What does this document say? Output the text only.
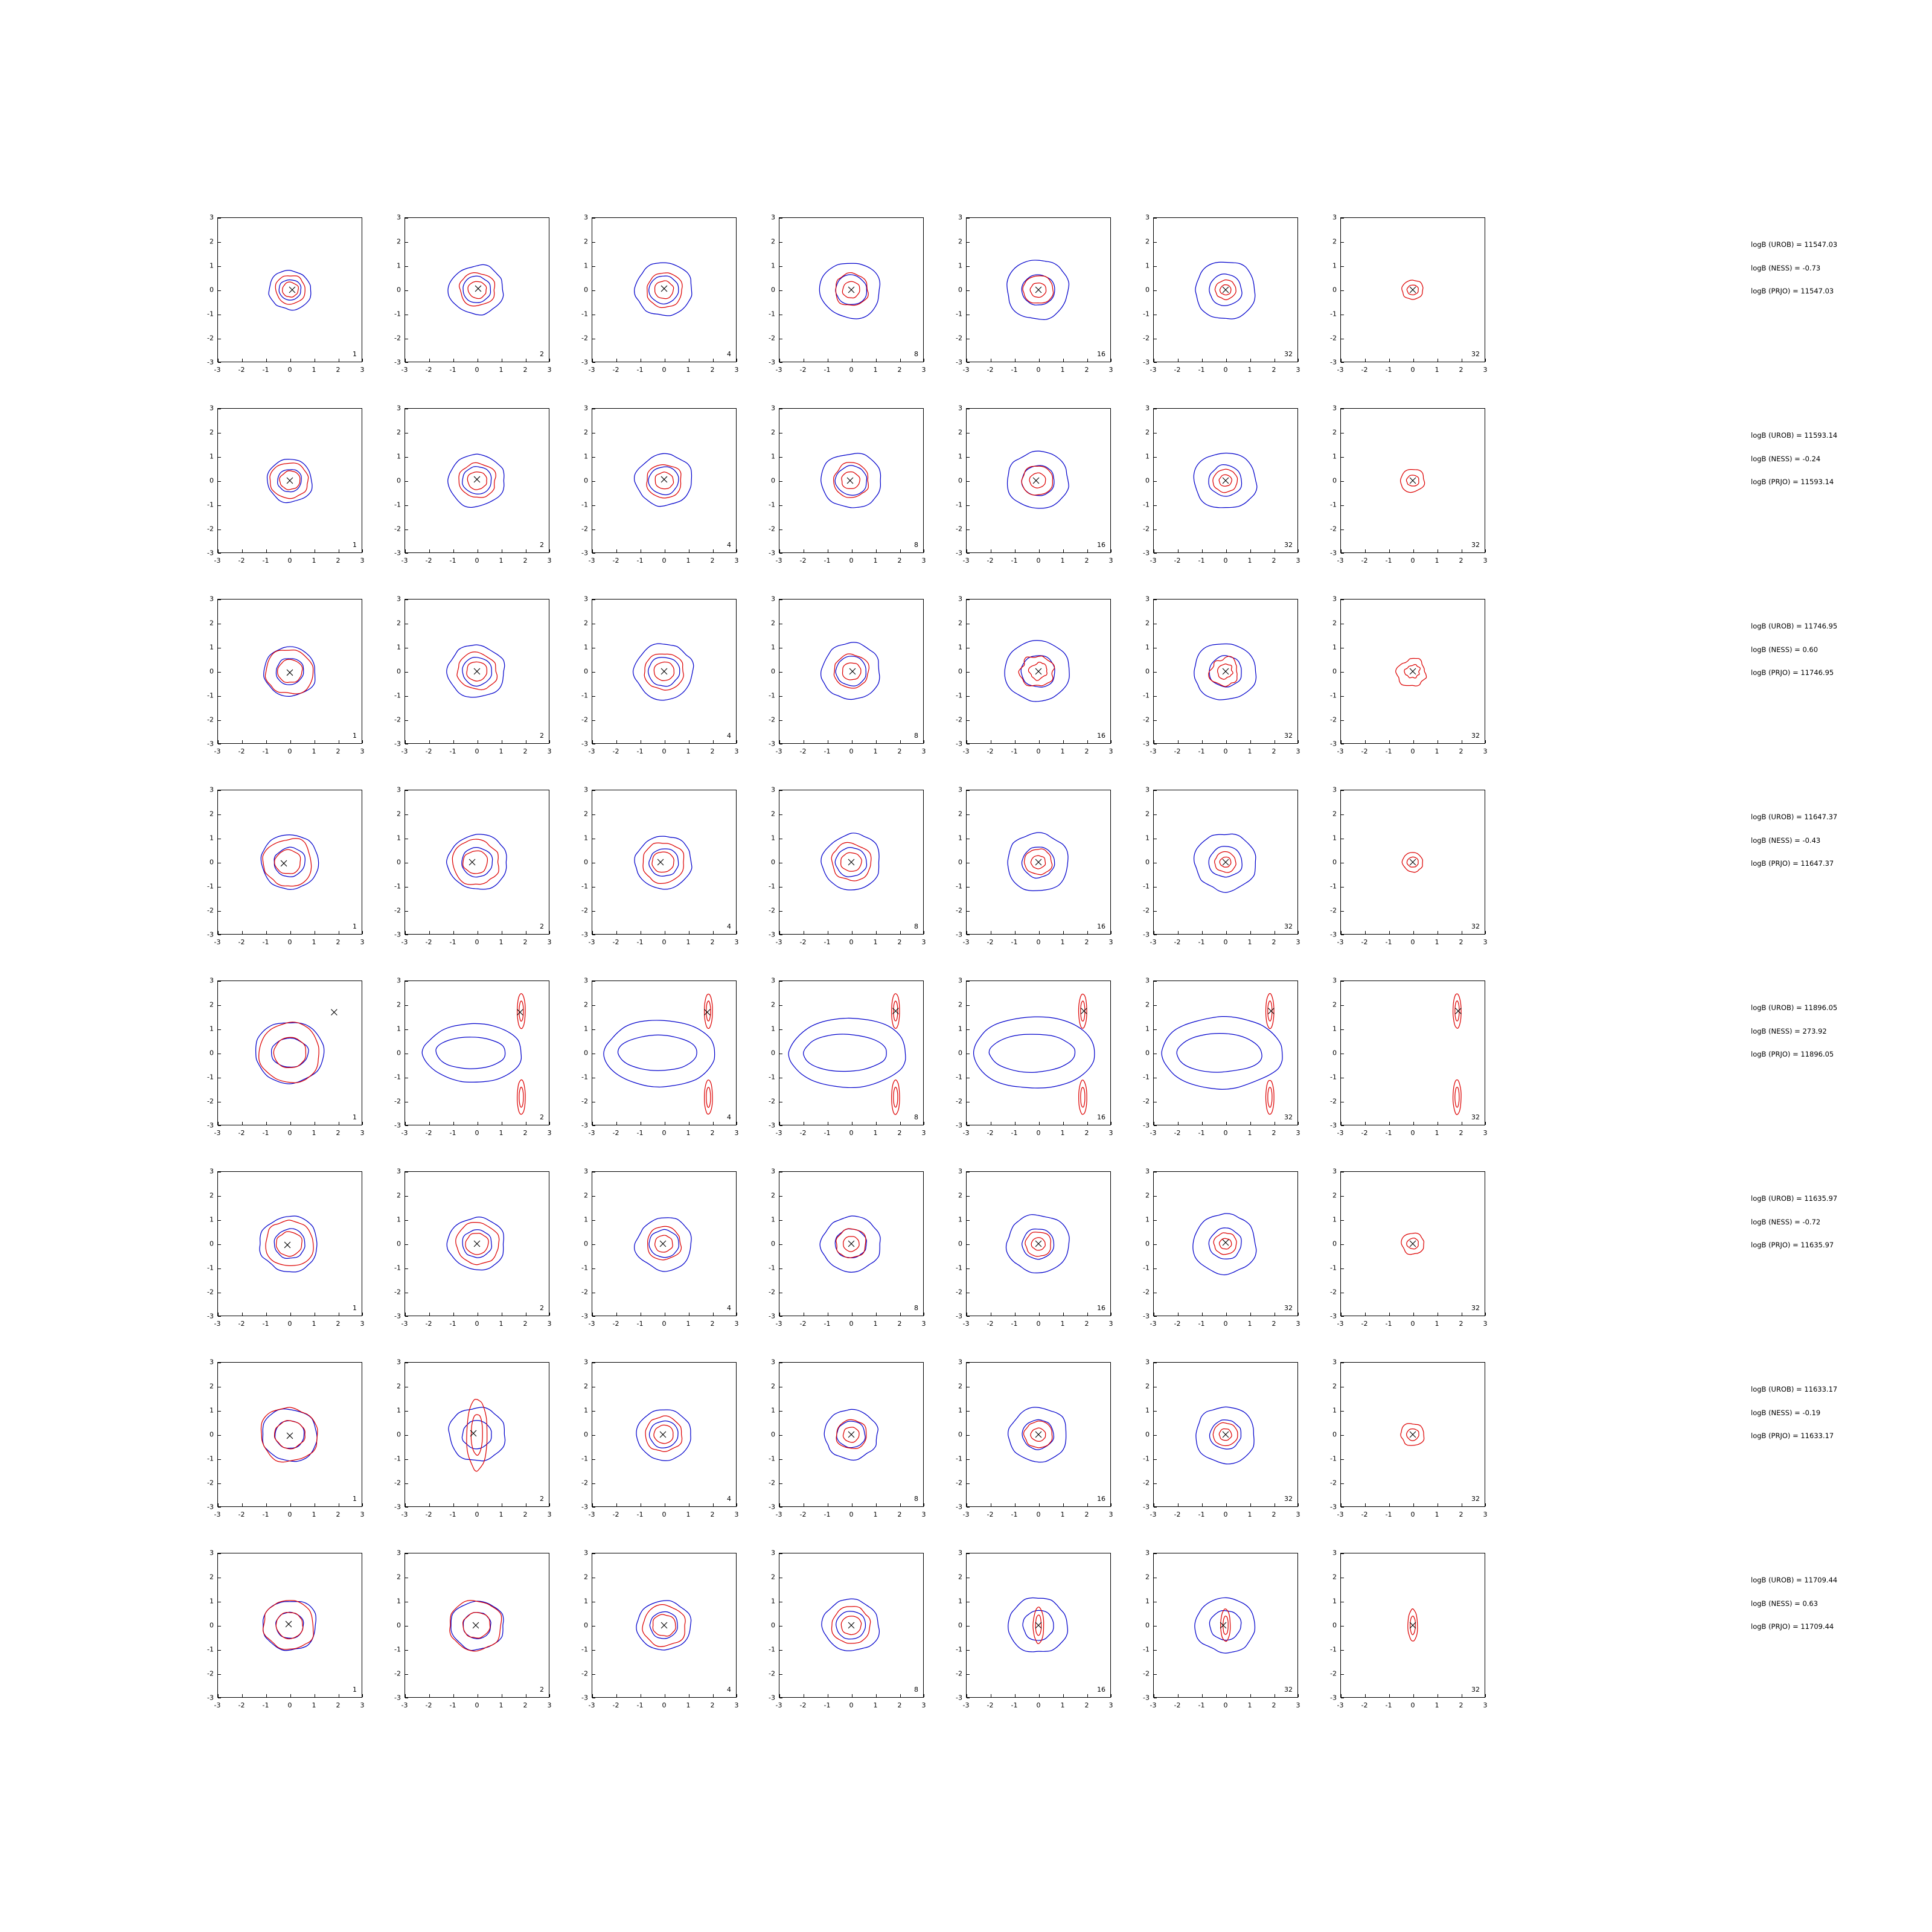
-3
-2
-1
0
1
2
3
1
-3	-2	-1	0	1	2	3
-3
-2
-1
0
1
2
3
2
-3	-2	-1	0	1	2	3
-3
-2
-1
0
1
2
3
4
-3	-2	-1	0	1	2	3
-3
-2
-1
0
1
2
3
8
-3	-2	-1	0	1	2	3
-3
-2
-1
0
1
2
3
16
-3	-2	-1	0	1	2	3
-3
-2
-1
0
1
2
3
32
-3	-2	-1	0	1	2	3
-3
-2
-1
0
1
2
3
32
-3	-2	-1	0	1	2	3
logB (UROB) = 11547.03
logB (NESS) = -0.73
logB (PRJO) = 11547.03
-3
-2
-1
0
1
2
3
1
-3	-2	-1	0	1	2	3
-3
-2
-1
0
1
2
3
2
-3	-2	-1	0	1	2	3
-3
-2
-1
0
1
2
3
4
-3	-2	-1	0	1	2	3
-3
-2
-1
0
1
2
3
8
-3	-2	-1	0	1	2	3
-3
-2
-1
0
1
2
3
16
-3	-2	-1	0	1	2	3
-3
-2
-1
0
1
2
3
32
-3	-2	-1	0	1	2	3
-3
-2
-1
0
1
2
3
32
-3	-2	-1	0	1	2	3
logB (UROB) = 11593.14
logB (NESS) = -0.24
logB (PRJO) = 11593.14
-3
-2
-1
0
1
2
3
1
-3	-2	-1	0	1	2	3
-3
-2
-1
0
1
2
3
2
-3	-2	-1	0	1	2	3
-3
-2
-1
0
1
2
3
4
-3	-2	-1	0	1	2	3
-3
-2
-1
0
1
2
3
8
-3	-2	-1	0	1	2	3
-3
-2
-1
0
1
2
3
16
-3	-2	-1	0	1	2	3
-3
-2
-1
0
1
2
3
32
-3	-2	-1	0	1	2	3
-3
-2
-1
0
1
2
3
32
-3	-2	-1	0	1	2	3
logB (UROB) = 11746.95
logB (NESS) = 0.60
logB (PRJO) = 11746.95
-3
-2
-1
0
1
2
3
1
-3	-2	-1	0	1	2	3
-3
-2
-1
0
1
2
3
2
-3	-2	-1	0	1	2	3
-3
-2
-1
0
1
2
3
4
-3	-2	-1	0	1	2	3
-3
-2
-1
0
1
2
3
8
-3	-2	-1	0	1	2	3
-3
-2
-1
0
1
2
3
16
-3	-2	-1	0	1	2	3
-3
-2
-1
0
1
2
3
32
-3	-2	-1	0	1	2	3
-3
-2
-1
0
1
2
3
32
-3	-2	-1	0	1	2	3
logB (UROB) = 11647.37
logB (NESS) = -0.43
logB (PRJO) = 11647.37
-3
-2
-1
0
1
2
3
1
-3	-2	-1	0	1	2	3
-3
-2
-1
0
1
2
3
2
-3	-2	-1	0	1	2	3
-3
-2
-1
0
1
2
3
4
-3	-2	-1	0	1	2	3
-3
-2
-1
0
1
2
3
8
-3	-2	-1	0	1	2	3
-3
-2
-1
0
1
2
3
16
-3	-2	-1	0	1	2	3
-3
-2
-1
0
1
2
3
32
-3	-2	-1	0	1	2	3
-3
-2
-1
0
1
2
3
32
-3	-2	-1	0	1	2	3
logB (UROB) = 11896.05
logB (NESS) = 273.92
logB (PRJO) = 11896.05
-3
-2
-1
0
1
2
3
1
-3	-2	-1	0	1	2	3
-3
-2
-1
0
1
2
3
2
-3	-2	-1	0	1	2	3
-3
-2
-1
0
1
2
3
4
-3	-2	-1	0	1	2	3
-3
-2
-1
0
1
2
3
8
-3	-2	-1	0	1	2	3
-3
-2
-1
0
1
2
3
16
-3	-2	-1	0	1	2	3
-3
-2
-1
0
1
2
3
32
-3	-2	-1	0	1	2	3
-3
-2
-1
0
1
2
3
32
-3	-2	-1	0	1	2	3
logB (UROB) = 11635.97
logB (NESS) = -0.72
logB (PRJO) = 11635.97
-3
-2
-1
0
1
2
3
1
-3	-2	-1	0	1	2	3
-3
-2
-1
0
1
2
3
2
-3	-2	-1	0	1	2	3
-3
-2
-1
0
1
2
3
4
-3	-2	-1	0	1	2	3
-3
-2
-1
0
1
2
3
8
-3	-2	-1	0	1	2	3
-3
-2
-1
0
1
2
3
16
-3	-2	-1	0	1	2	3
-3
-2
-1
0
1
2
3
32
-3	-2	-1	0	1	2	3
-3
-2
-1
0
1
2
3
32
-3	-2	-1	0	1	2	3
logB (UROB) = 11633.17
logB (NESS) = -0.19
logB (PRJO) = 11633.17
-3
-2
-1
0
1
2
3
1
-3	-2	-1	0	1	2	3
-3
-2
-1
0
1
2
3
2
-3	-2	-1	0	1	2	3
-3
-2
-1
0
1
2
3
4
-3	-2	-1	0	1	2	3
-3
-2
-1
0
1
2
3
8
-3	-2	-1	0	1	2	3
-3
-2
-1
0
1
2
3
16
-3	-2	-1	0	1	2	3
-3
-2
-1
0
1
2
3
32
-3	-2	-1	0	1	2	3
-3
-2
-1
0
1
2
3
32
-3	-2	-1	0	1	2	3
logB (UROB) = 11709.44
logB (NESS) = 0.63
logB (PRJO) = 11709.44
